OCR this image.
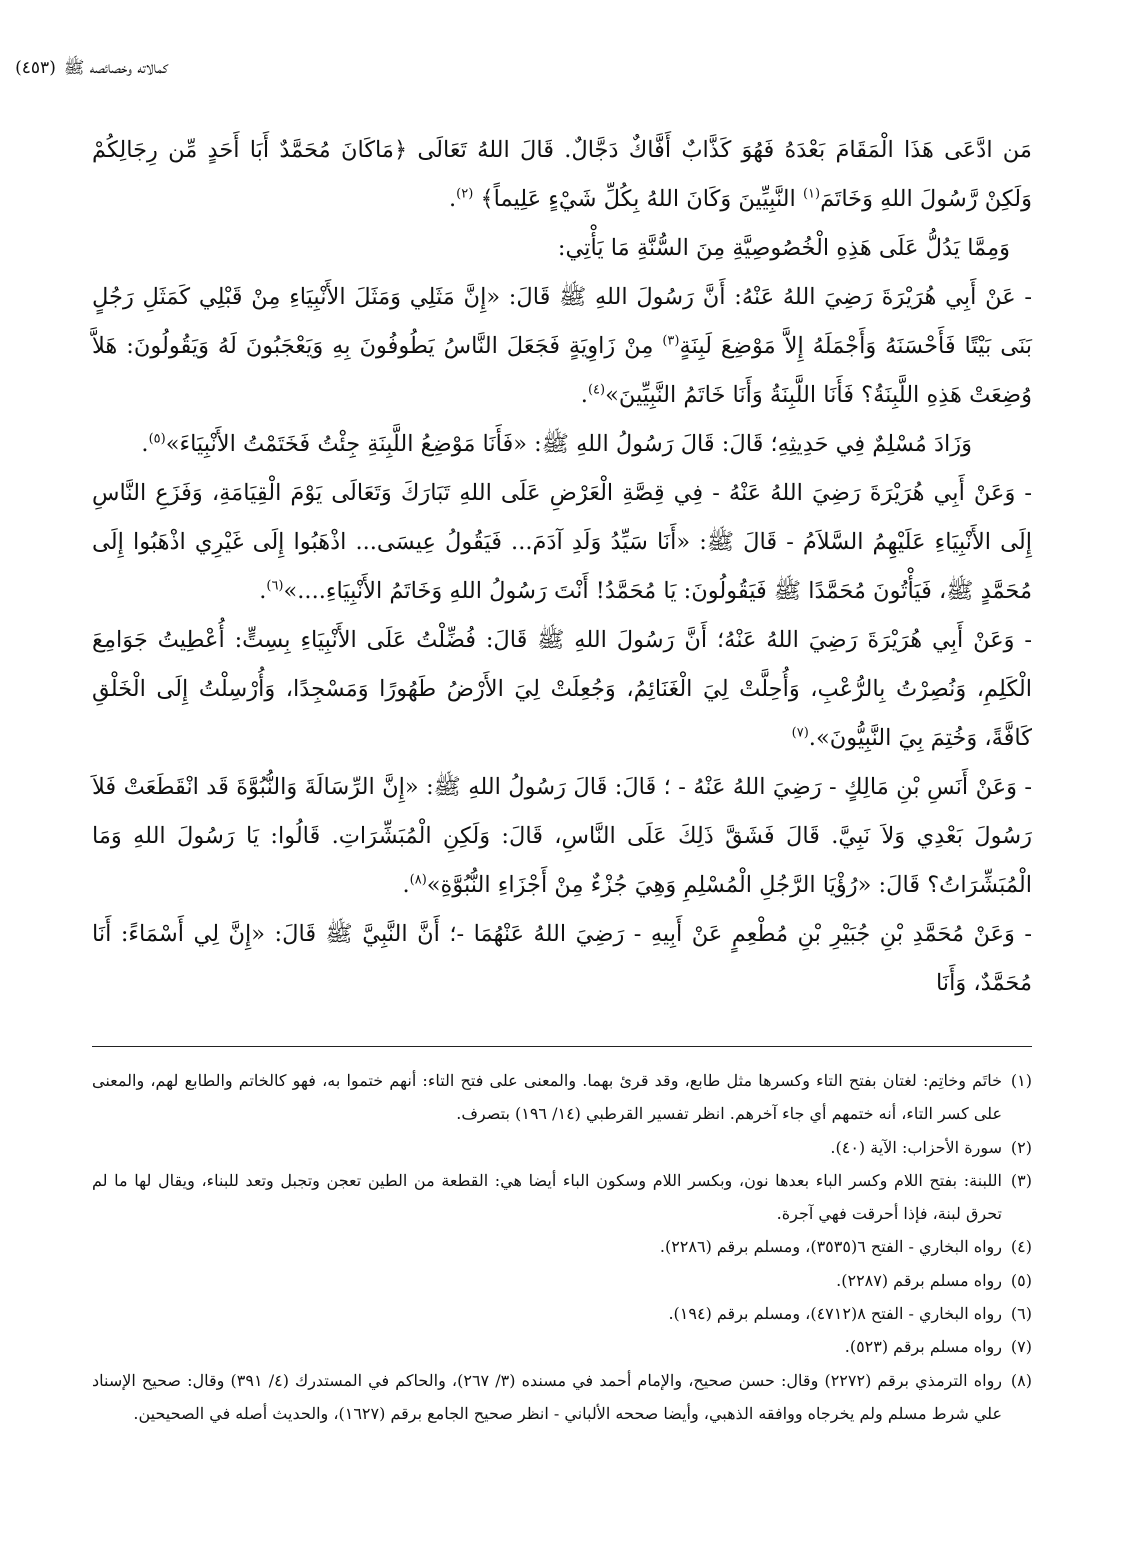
كمالاته وخصائصه ﷺ(٤٥٣)

مَن ادَّعَى هَذَا الْمَقَامَ بَعْدَهُ فَهُوَ كَذَّابٌ أَفَّاكٌ دَجَّالٌ. قَالَ اللهُ تَعَالَى ﴿مَاكَانَ مُحَمَّدٌ أَبَا أَحَدٍ مِّن رِجَالِكُمْ وَلَكِنْ رَّسُولَ اللهِ وَخَاتَمَ$^{(١)}$ النَّبِيِّينَ وَكَانَ اللهُ بِكُلِّ شَيْءٍ عَلِيماً﴾ $^{(٢)}$.

وَمِمَّا يَدُلُّ عَلَى هَذِهِ الْخُصُوصِيَّةِ مِنَ السُّنَّةِ مَا يَأْتِي:

- عَنْ أَبِي هُرَيْرَةَ رَضِيَ اللهُ عَنْهُ: أَنَّ رَسُولَ اللهِ ﷺ قَالَ: «إِنَّ مَثَلِي وَمَثَلَ الأَنْبِيَاءِ مِنْ قَبْلِي كَمَثَلِ رَجُلٍ بَنَى بَيْتًا فَأَحْسَنَهُ وَأَجْمَلَهُ إِلاَّ مَوْضِعَ لَبِنَةٍ$^{(٣)}$ مِنْ زَاوِيَةٍ فَجَعَلَ النَّاسُ يَطُوفُونَ بِهِ وَيَعْجَبُونَ لَهُ وَيَقُولُونَ: هَلاَّ وُضِعَتْ هَذِهِ اللَّبِنَةُ؟ فَأَنَا اللَّبِنَةُ وَأَنَا خَاتَمُ النَّبِيِّينَ»$^{(٤)}$.

وَزَادَ مُسْلِمٌ فِي حَدِيثِهِ؛ قَالَ: قَالَ رَسُولُ اللهِ ﷺ: «فَأَنَا مَوْضِعُ اللَّبِنَةِ جِئْتُ فَخَتَمْتُ الأَنْبِيَاءَ»$^{(٥)}$.

- وَعَنْ أَبِي هُرَيْرَةَ رَضِيَ اللهُ عَنْهُ - فِي قِصَّةِ الْعَرْضِ عَلَى اللهِ تَبَارَكَ وَتَعَالَى يَوْمَ الْقِيَامَةِ، وَفَزَعِ النَّاسِ إِلَى الأَنْبِيَاءِ عَلَيْهِمُ السَّلاَمُ - قَالَ ﷺ: «أَنَا سَيِّدُ وَلَدِ آدَمَ... فَيَقُولُ عِيسَى... اذْهَبُوا إِلَى غَيْرِي اذْهَبُوا إِلَى مُحَمَّدٍ ﷺ، فَيَأْتُونَ مُحَمَّدًا ﷺ فَيَقُولُونَ: يَا مُحَمَّدُ! أَنْتَ رَسُولُ اللهِ وَخَاتَمُ الأَنْبِيَاءِ....»$^{(٦)}$.

- وَعَنْ أَبِي هُرَيْرَةَ رَضِيَ اللهُ عَنْهُ؛ أَنَّ رَسُولَ اللهِ ﷺ قَالَ: فُضِّلْتُ عَلَى الأَنْبِيَاءِ بِسِتٍّ: أُعْطِيتُ جَوَامِعَ الْكَلِمِ، وَنُصِرْتُ بِالرُّعْبِ، وَأُحِلَّتْ لِيَ الْغَنَائِمُ، وَجُعِلَتْ لِيَ الأَرْضُ طَهُورًا وَمَسْجِدًا، وَأُرْسِلْتُ إِلَى الْخَلْقِ كَافَّةً، وَخُتِمَ بِيَ النَّبِيُّونَ».$^{(٧)}$

- وَعَنْ أَنَسِ بْنِ مَالِكٍ - رَضِيَ اللهُ عَنْهُ - ؛ قَالَ: قَالَ رَسُولُ اللهِ ﷺ: «إِنَّ الرِّسَالَةَ وَالنُّبُوَّةَ قَد انْقَطَعَتْ فَلاَ رَسُولَ بَعْدِي وَلاَ نَبِيَّ. قَالَ فَشَقَّ ذَلِكَ عَلَى النَّاسِ، قَالَ: وَلَكِنِ الْمُبَشِّرَاتِ. قَالُوا: يَا رَسُولَ اللهِ وَمَا الْمُبَشِّرَاتُ؟ قَالَ: «رُؤْيَا الرَّجُلِ الْمُسْلِمِ وَهِيَ جُزْءٌ مِنْ أَجْزَاءِ النُّبُوَّةِ»$^{(٨)}$.

- وَعَنْ مُحَمَّدِ بْنِ جُبَيْرِ بْنِ مُطْعِمٍ عَنْ أَبِيهِ - رَضِيَ اللهُ عَنْهُمَا -؛ أَنَّ النَّبِيَّ ﷺ قَالَ: «إِنَّ لِي أَسْمَاءً: أَنَا مُحَمَّدٌ، وَأَنَا

(١)
خاتَم وخاتِم: لغتان بفتح التاء وكسرها مثل طابع، وقد قرئ بهما. والمعنى على فتح التاء: أنهم ختموا به، فهو كالخاتم والطابع لهم، والمعنى على كسر التاء، أنه ختمهم أي جاء آخرهم. انظر تفسير القرطبي (١٤/ ١٩٦) بتصرف.

(٢)
سورة الأحزاب: الآية (٤٠).

(٣)
اللبنة: بفتح اللام وكسر الباء بعدها نون، وبكسر اللام وسكون الباء أيضا هي: القطعة من الطين تعجن وتجبل وتعد للبناء، ويقال لها ما لم تحرق لبنة، فإذا أحرقت فهي آجرة.

(٤)
رواه البخاري - الفتح ٦(٣٥٣٥)، ومسلم برقم (٢٢٨٦).

(٥)
رواه مسلم برقم (٢٢٨٧).

(٦)
رواه البخاري - الفتح ٨(٤٧١٢)، ومسلم برقم (١٩٤).

(٧)
رواه مسلم برقم (٥٢٣).

(٨)
رواه الترمذي برقم (٢٢٧٢) وقال: حسن صحيح، والإمام أحمد في مسنده (٣/ ٢٦٧)، والحاكم في المستدرك (٤/ ٣٩١) وقال: صحيح الإسناد علي شرط مسلم ولم يخرجاه ووافقه الذهبي، وأيضا صححه الألباني - انظر صحيح الجامع برقم (١٦٢٧)، والحديث أصله في الصحيحين.
